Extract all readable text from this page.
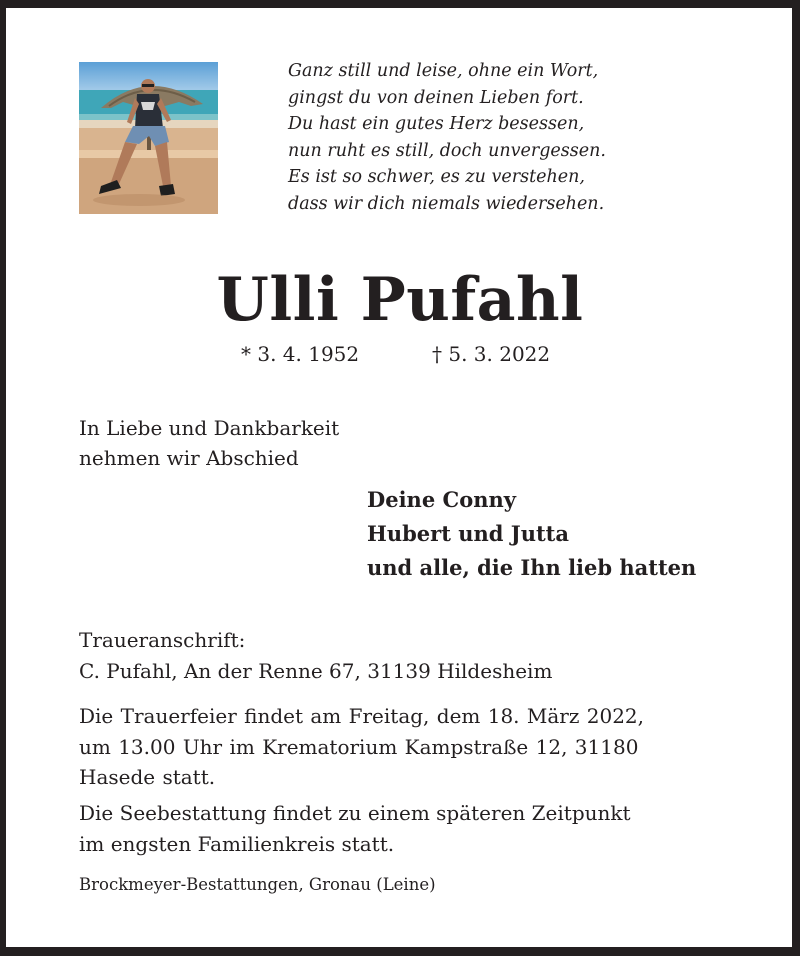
Ganz still und leise, ohne ein Wort,
gingst du von deinen Lieben fort.
Du hast ein gutes Herz besessen,
nun ruht es still, doch unvergessen.
Es ist so schwer, es zu verstehen,
dass wir dich niemals wiedersehen.
Ulli Pufahl
* 3. 4. 1952	† 5. 3. 2022
In Liebe und Dankbarkeit
nehmen wir Abschied
Deine Conny
Hubert und Jutta
und alle, die Ihn lieb hatten
Traueranschrift:
C. Pufahl, An der Renne 67, 31139 Hildesheim
Die Trauerfeier findet am Freitag, dem 18. März 2022,
um 13.00 Uhr im Krematorium Kampstraße 12, 31180
Hasede statt.
Die Seebestattung findet zu einem späteren Zeitpunkt
im engsten Familienkreis statt.
Brockmeyer-Bestattungen, Gronau (Leine)
